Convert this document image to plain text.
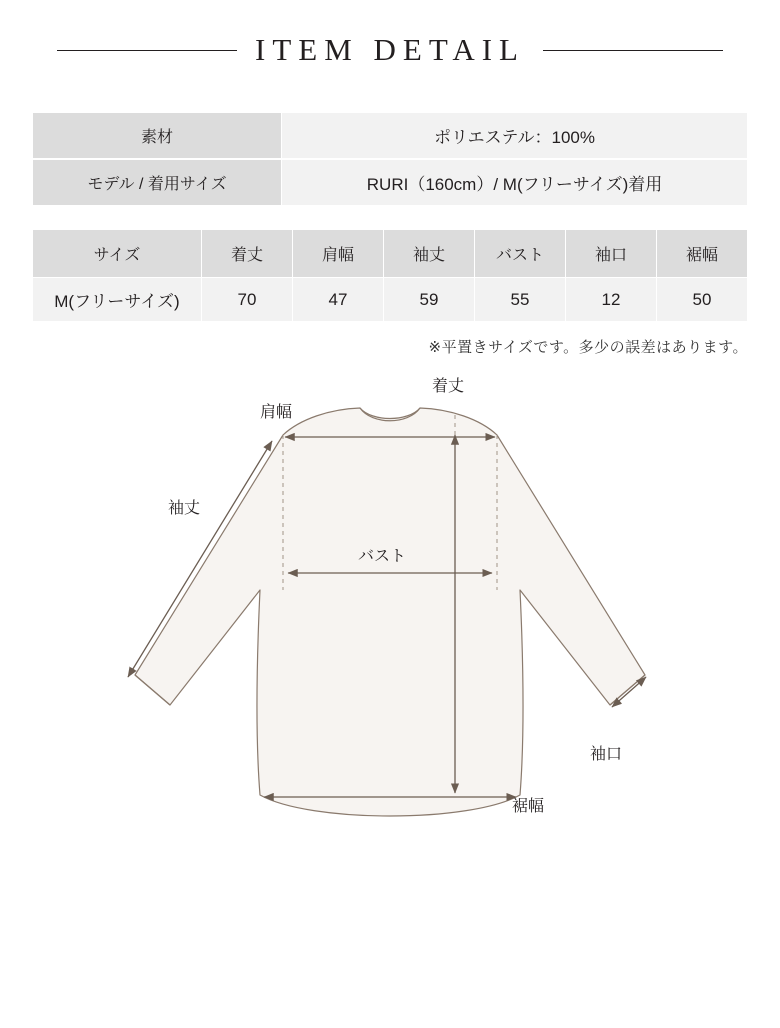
ITEM DETAIL
素材	ポリエステル：100%
モデル / 着用サイズ	RURI（160cm）/ M(フリーサイズ)着用
サイズ	着丈	肩幅	袖丈	バスト	袖口	裾幅
M(フリーサイズ)	70	47	59	55	12	50
※平置きサイズです。多少の誤差はあります。
肩幅
着丈
袖丈
バスト
袖口
裾幅
